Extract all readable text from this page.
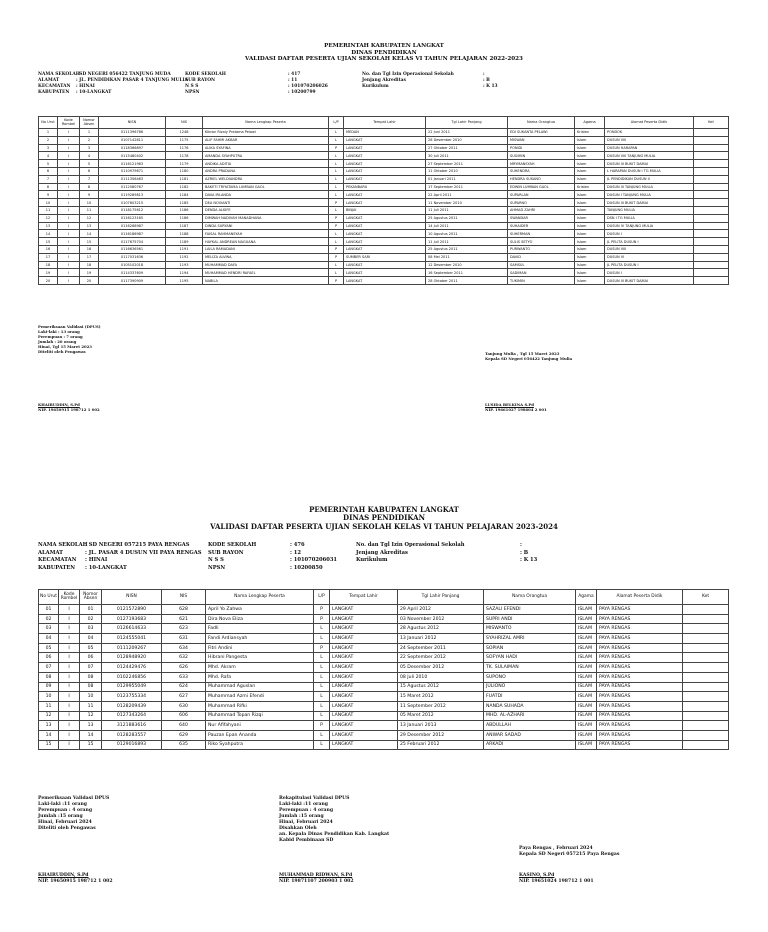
PEMERINTAH KABUPATEN LANGKAT
DINAS PENDIDIKAN
VALIDASI DAFTAR PESERTA UJIAN SEKOLAH KELAS VI TAHUN PELAJARAN 2022-2023
NAMA SEKOLAH: SD NEGERI 056422 TANJUNG MUDA
ALAMAT	: JL. PENDIDIKAN PASAR 4 TANJUNG MULIA
KECAMATAN : HINAI
KABUPATEN : 10-LANGKAT
KODE SEKOLAH	: 417
SUB RAYON	: 11
N S S	: 101070206026
NPSN	: 10200799
No. dan Tgl Izin Operasional Sekolah	:
Jenjang Akreditas	: B
Kurikulum	: K 13
No Urut	Kode Rombel	Nomor Absen	NISN	NIS	Nama Lengkap Peserta	L/P	Tempat Lahir	Tgl Lahir Panjang	Nama Orangtua	Agama	Alamat Peserta Didik	Ket
1	I	1	0111396766	1248	Kibran Rizaly Pratama Pelawi	L	MEDAN	22 Juni 2011	EDI SUKANTA PELAWI	Kristen	PONDOK	
2	I	2	0107142811	1175	ALIF FAHMI AKBAR	L	LANGKAT	28 Desember 2010	MISWAN	Islam	DUSUN VIII	
3	I	3	0118366897	1176	ALIKA SYAFINA	P	LANGKAT	27 Oktober 2011	PONIDI	Islam	DUSUN HARAPAN	
4	I	4	0115480402	1178	AMANDA SYAHPUTRA	L	LANGKAT	30 Juli 2011	SUGIMIN	Islam	DUSUN VIII TANJUNG MULIA	
5	I	5	0116121963	1179	ANDIKA ADITIA	L	LANGKAT	27 September 2011	MRYMANSYAH	Islam	DUSUN III BUKIT DAMAI	
6	I	6	0110979671	1180	ANDRA PRADANA	L	LANGKAT	11 Oktober 2010	SUHENDRA	Islam	L HARAPAN DUSUN I TG MULIA	
7	I	7	0111356463	1181	AZRIEL WELDIANDRA	L	LANGKAT	01 Januari 2011	HENDRA SUSANO	Islam	JL PENDIDIKAN DUSUN II	
8	I	8	0112580767	1182	BAKETI TRIYATAMA LUMBAN GAOL	L	PEKANBARU	17 September 2011	EDWIN LUMBAN GAOL	Kristen	DUSUN III TANJUNG MULIA	
9	I	9	0119289813	1184	DAVA IRLANDA	L	LANGKAT	22 April 2011	SUPARLAN	Islam	DUSUN I TANJUNG MULIA	
10	I	10	0107603215	1185	DEA NOVIANTI	P	LANGKAT	11 November 2010	SUPARNO	Islam	DUSUN III BUKIT DAMAI	
11	I	11	0118175612	1186	DENDA ALKIFE	L	BINJAI	11 Juli 2011	AHMAD ZAHRI	Islam	TANJUNG MULIA	
12	I	12	0116123165	1186	DIMWAH NADIVAH MANADHANA	P	LANGKAT	25 Agustus 2011	SWANDAR	Islam	DSN I TG MULIA	
13	I	13	0116268987	1187	DINDA SURYANI	P	LANGKAT	14 Juli 2011	SUHAIDER	Islam	DUSUN IV TANJUNG MULIA	
14	I	14	0116186987	1188	FAISAL RAHMANSYAH	L	LANGKAT	10 Agustus 2011	SUHERMAN	Islam	DUSUN I	
15	I	15	0117675704	1189	HAYKAL ANDREAN NAGUANA	L	LANGKAT	11 Juli 2011	SULIS SETYO	Islam	JL PELITA DUSUN I	
16	I	16	0116636561	1191	LAILA RAMADANI	P	LANGKAT	25 Agustus 2011	PURWANTO	Islam	DUSUN VIII	
17	I	17	0117031636	1192	MELIZA ALVINA	P	SUMBER SARI	08 Mei 2011	DAVID	Islam	DUSUN VI	
18	I	18	0105102018	1193	MUHAMMAD DAFA	L	LANGKAT	12 Desember 2010	SAMSUL	Islam	JL PELITA DUSUN I	
19	I	19	0114337609	1194	MUHAMMAD HENDRI RAFAEL	L	LANGKAT	16 September 2011	SADIMAN	Islam	DUSUN I	
20	I	20	0117390909	1195	NABILA	P	LANGKAT	28 Oktober 2011	TUKIMIN	Islam	DUSUN III BUKIT DAMAI	
Pemeriksaan Validasi (DPUS)
Laki-laki : 13 orang
Perempuan : 7 orang
Jumlah : 20 orang
Hinai, Tgl 15 Maret 2023
Diteliti oleh Pengawas	Tanjung Mulia , Tgl 15 Maret 2023
Kepala SD Negeri 056422 Tanjung Mulia
KHAIRUDDIN, S.Pd
NIP. 19650915 198712 1 002
LUSIDA BELKINA S.Pd
NIP. 19661027 198604 2 001
PEMERINTAH KABUPATEN LANGKAT
DINAS PENDIDIKAN
VALIDASI DAFTAR PESERTA UJIAN SEKOLAH KELAS VI TAHUN PELAJARAN 2023-2024
NAMA SEKOLAH: SD NEGERI 057215 PAYA RENGAS
ALAMAT	: JL. PASAR 4 DUSUN VII PAYA RENGAS
KECAMATAN : HINAI
KABUPATEN : 10-LANGKAT
KODE SEKOLAH	: 476
SUB RAYON	: 12
N S S	: 101070206031
NPSN	: 10200850
No. dan Tgl Izin Operasional Sekolah	:
Jenjang Akreditas	: B
Kurikulum	: K 13
No Urut	Kode Rombel	Nomor Absen	NISN	NIS	Nama Lengkap Peserta	L/P	Tempat Lahir	Tgl Lahir Panjang	Nama Orangtua	Agama	Alamat Peserta Didik	Ket
01	I	01	0121572890	628	April Yo Zahwa	P	LANGKAT	29 April 2012	SAZALI EFENDI	ISLAM	PAYA RENGAS	
02	I	02	0127193683	621	Dira Nova Eliza	P	LANGKAT	03 November 2012	SUPRI ANDI	ISLAM	PAYA RENGAS	
03	I	03	0126614633	623	Fadli	L	LANGKAT	28 Agustus 2012	MISWANTO	ISLAM	PAYA RENGAS	
04	I	04	0124555041	631	Fandi Ardiansyah	L	LANGKAT	13 Januari 2012	SYAHRIZAL AMRI	ISLAM	PAYA RENGAS	
05	I	05	0111209267	634	Fitri Andini	P	LANGKAT	24 September 2011	SOPIAN	ISLAM	PAYA RENGAS	
06	I	06	0128948920	632	Hibrani Pangesta	L	LANGKAT	22 September 2012	SOFYAN HADI	ISLAM	PAYA RENGAS	
07	I	07	0124429476	626	Mhd. Akram	L	LANGKAT	05 Desember 2012	TK. SULAIMAN	ISLAM	PAYA RENGAS	
08	I	08	0102246856	633	Mhd. Rafa	L	LANGKAT	08 Juli 2010	SUPONO	ISLAM	PAYA RENGAS	
09	I	08	0129955049	624	Muhammad Aguslan	L	LANGKAT	15 Agustus 2012	JULIONO	ISLAM	PAYA RENGAS	
10	I	10	0123755334	627	Muhammad Azmi Efendi	L	LANGKAT	15 Maret 2012	FUATDI	ISLAM	PAYA RENGAS	
11	I	11	0128209439	630	Muhammad Rifki	L	LANGKAT	11 September 2012	NANDA SUHADA	ISLAM	PAYA RENGAS	
12	I	12	0127343264	606	Muhammad Topan Rizqi	L	LANGKAT	05 Maret 2012	MHD. AL-AZHARI	ISLAM	PAYA RENGAS	
13	I	13	3121883616	640	Nur Afifahyani	P	LANGKAT	13 Januari 2013	ABDULLAH	ISLAM	PAYA RENGAS	
14	I	14	0128283557	629	Pauzan Epan Ananda	L	LANGKAT	29 Desember 2012	ANWAR SADAD	ISLAM	PAYA RENGAS	
15	I	15	0129016893	635	Riko Syahputra	L	LANGKAT	25 Februari 2012	ARKADI	ISLAM	PAYA RENGAS	
Pemeriksaan Validasi DPUS
Laki-laki :11 orang
Perempuan : 4 orang
Jumlah :15 orang
Hinai, Februari 2024
Diteliti oleh Pengawas
Rekapitulasi Validasi DPUS
Laki-laki :11 orang
Perempuan : 4 orang
Jumlah :15 orang
Hinai, Februari 2024
Disahkan Oleh
an. Kepala Dinas Pendidikan Kab. Langkat
Kabid Pembinaan SD
Paya Rengas , Februari 2024
Kepala SD Negeri 057215 Paya Rengas
KHAIRUDDIN, S.Pd
NIP. 19650915 198712 1 002
MUHAMMAD RIDWAN, S.Pd
NIP. 19871107 200903 1 002
KASINO, S.Pd
NIP. 19651024 198712 1 001
